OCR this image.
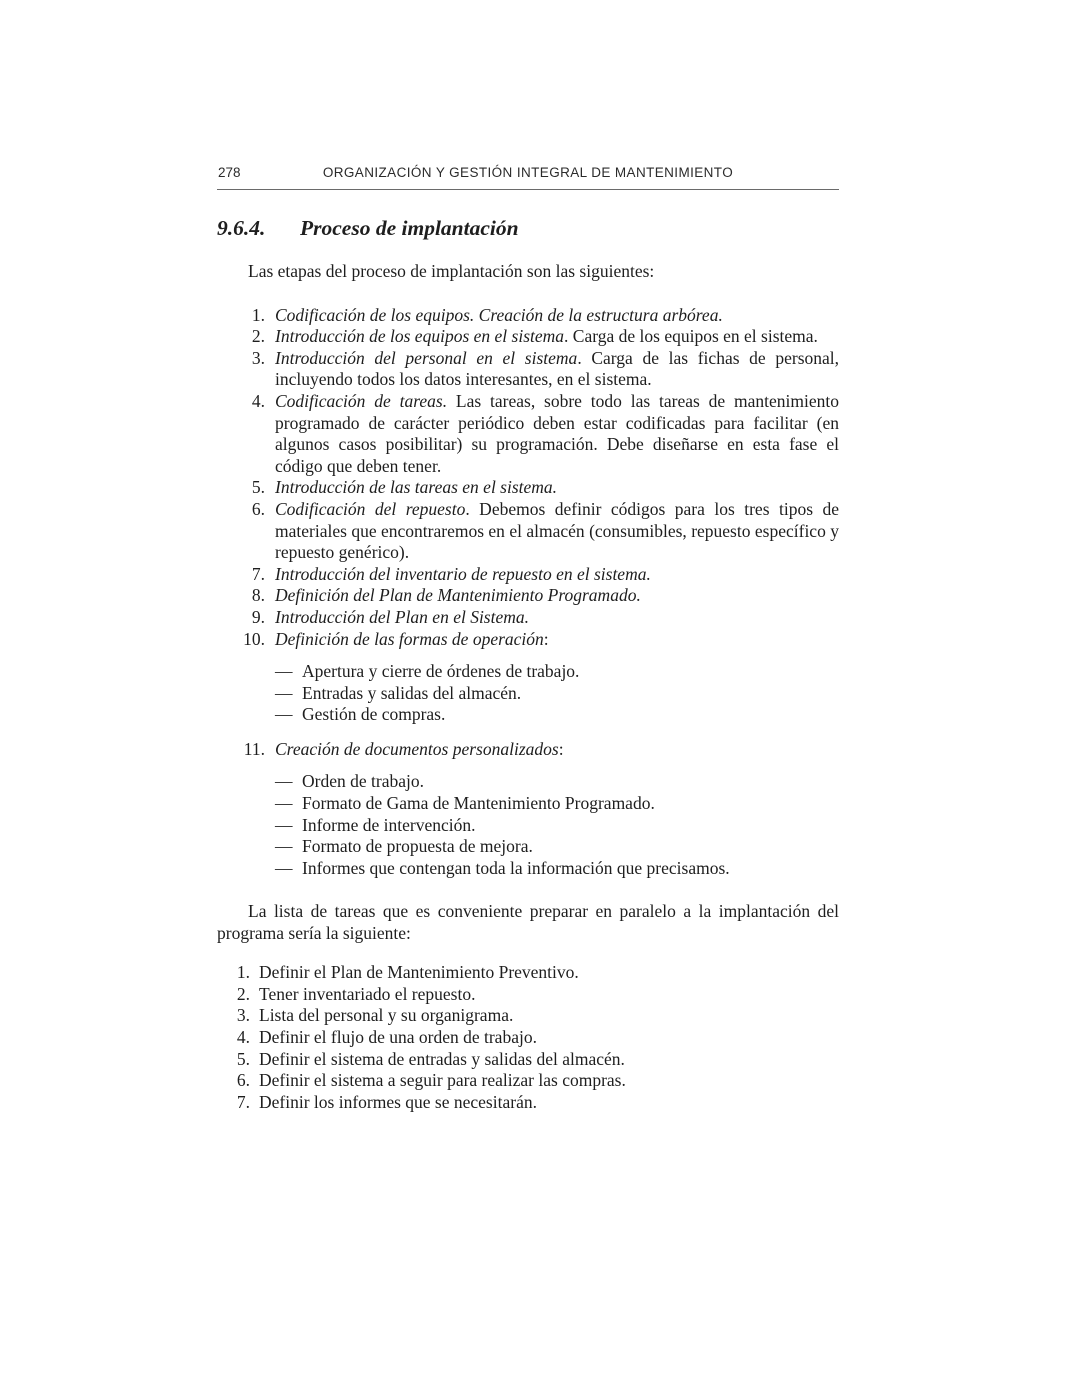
278	ORGANIZACIÓN Y GESTIÓN INTEGRAL DE MANTENIMIENTO
9.6.4.	Proceso de implantación

Las etapas del proceso de implantación son las siguientes:

1. Codificación de los equipos. Creación de la estructura arbórea.
2. Introducción de los equipos en el sistema. Carga de los equipos en el sistema.
3. Introducción del personal en el sistema. Carga de las fichas de personal, incluyendo todos los datos interesantes, en el sistema.
4. Codificación de tareas. Las tareas, sobre todo las tareas de mantenimiento programado de carácter periódico deben estar codificadas para facilitar (en algunos casos posibilitar) su programación. Debe diseñarse en esta fase el código que deben tener.
5. Introducción de las tareas en el sistema.
6. Codificación del repuesto. Debemos definir códigos para los tres tipos de materiales que encontraremos en el almacén (consumibles, repuesto específico y repuesto genérico).
7. Introducción del inventario de repuesto en el sistema.
8. Definición del Plan de Mantenimiento Programado.
9. Introducción del Plan en el Sistema.
10. Definición de las formas de operación:
— Apertura y cierre de órdenes de trabajo.
— Entradas y salidas del almacén.
— Gestión de compras.
11. Creación de documentos personalizados:
— Orden de trabajo.
— Formato de Gama de Mantenimiento Programado.
— Informe de intervención.
— Formato de propuesta de mejora.
— Informes que contengan toda la información que precisamos.

La lista de tareas que es conveniente preparar en paralelo a la implantación del programa sería la siguiente:

1. Definir el Plan de Mantenimiento Preventivo.
2. Tener inventariado el repuesto.
3. Lista del personal y su organigrama.
4. Definir el flujo de una orden de trabajo.
5. Definir el sistema de entradas y salidas del almacén.
6. Definir el sistema a seguir para realizar las compras.
7. Definir los informes que se necesitarán.
